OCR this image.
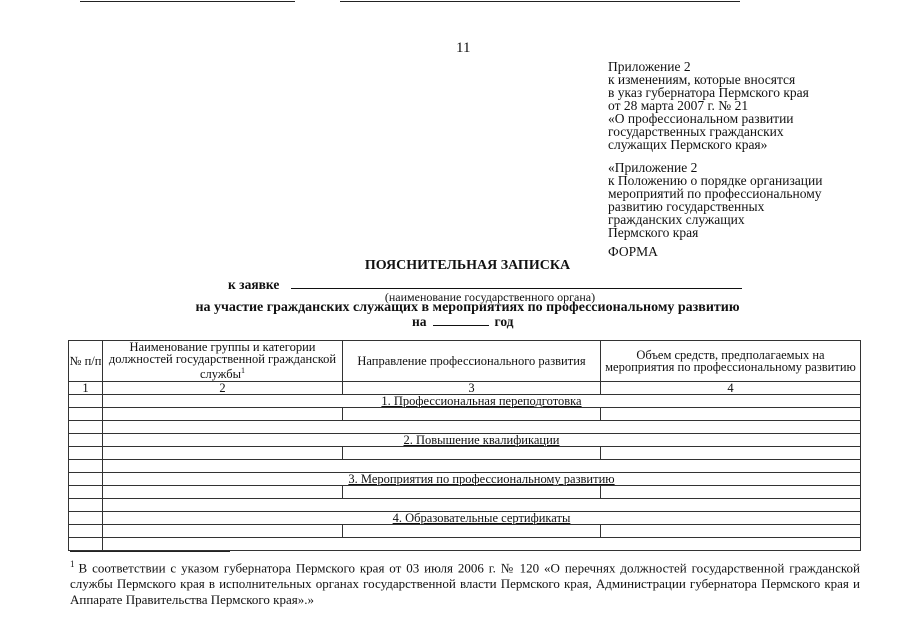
11
Приложение 2
к изменениям, которые вносятся
в указ губернатора Пермского края
от 28 марта 2007 г. № 21
«О профессиональном развитии
государственных гражданских
служащих Пермского края»
«Приложение 2
к Положению о порядке организации
мероприятий по профессиональному
развитию государственных
гражданских служащих
Пермского края
ФОРМА
ПОЯСНИТЕЛЬНАЯ ЗАПИСКА
к заявке
(наименование государственного органа)
на участие гражданских служащих в мероприятиях по профессиональному развитию
на	год
№ п/п	Наименование группы и категории должностей государственной гражданской службы$^1$	Направление профессионального развития	Объем средств, предполагаемых на мероприятия по профессиональному развитию
1	2	3	4
	1. Профессиональная переподготовка		

	2. Повышение квалификации		

	3. Мероприятия по профессиональному развитию		

	4. Образовательные сертификаты		

$^1$ В соответствии с указом губернатора Пермского края от 03 июля 2006 г. № 120 «О перечнях должностей государственной гражданской службы Пермского края в исполнительных органах государственной власти Пермского края, Администрации губернатора Пермского края и Аппарате Правительства Пермского края».»
